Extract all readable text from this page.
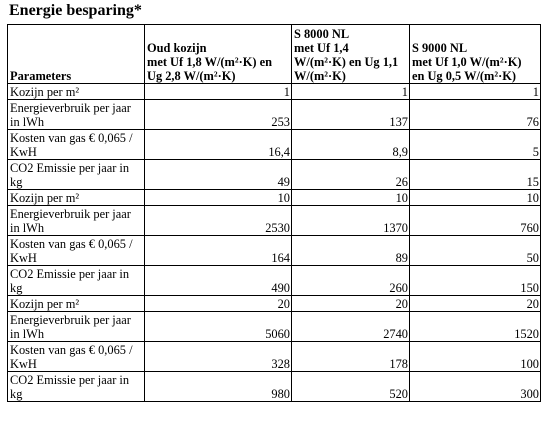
Energie besparing*
Parameters	Oud kozijn
met Uf 1,8 W/(m²·K) en
Ug 2,8 W/(m²·K)	S 8000 NL
met Uf 1,4
W/(m²·K) en Ug 1,1
W/(m²·K)	S 9000 NL
met Uf 1,0 W/(m²·K)
en Ug 0,5 W/(m²·K)
Kozijn per m²	1	1	1
Energieverbruik per jaar
in lWh	253	137	76
Kosten van gas € 0,065 /
KwH	16,4	8,9	5
CO2 Emissie per jaar in
kg	49	26	15
Kozijn per m²	10	10	10
Energieverbruik per jaar
in lWh	2530	1370	760
Kosten van gas € 0,065 /
KwH	164	89	50
CO2 Emissie per jaar in
kg	490	260	150
Kozijn per m²	20	20	20
Energieverbruik per jaar
in lWh	5060	2740	1520
Kosten van gas € 0,065 /
KwH	328	178	100
CO2 Emissie per jaar in
kg	980	520	300
